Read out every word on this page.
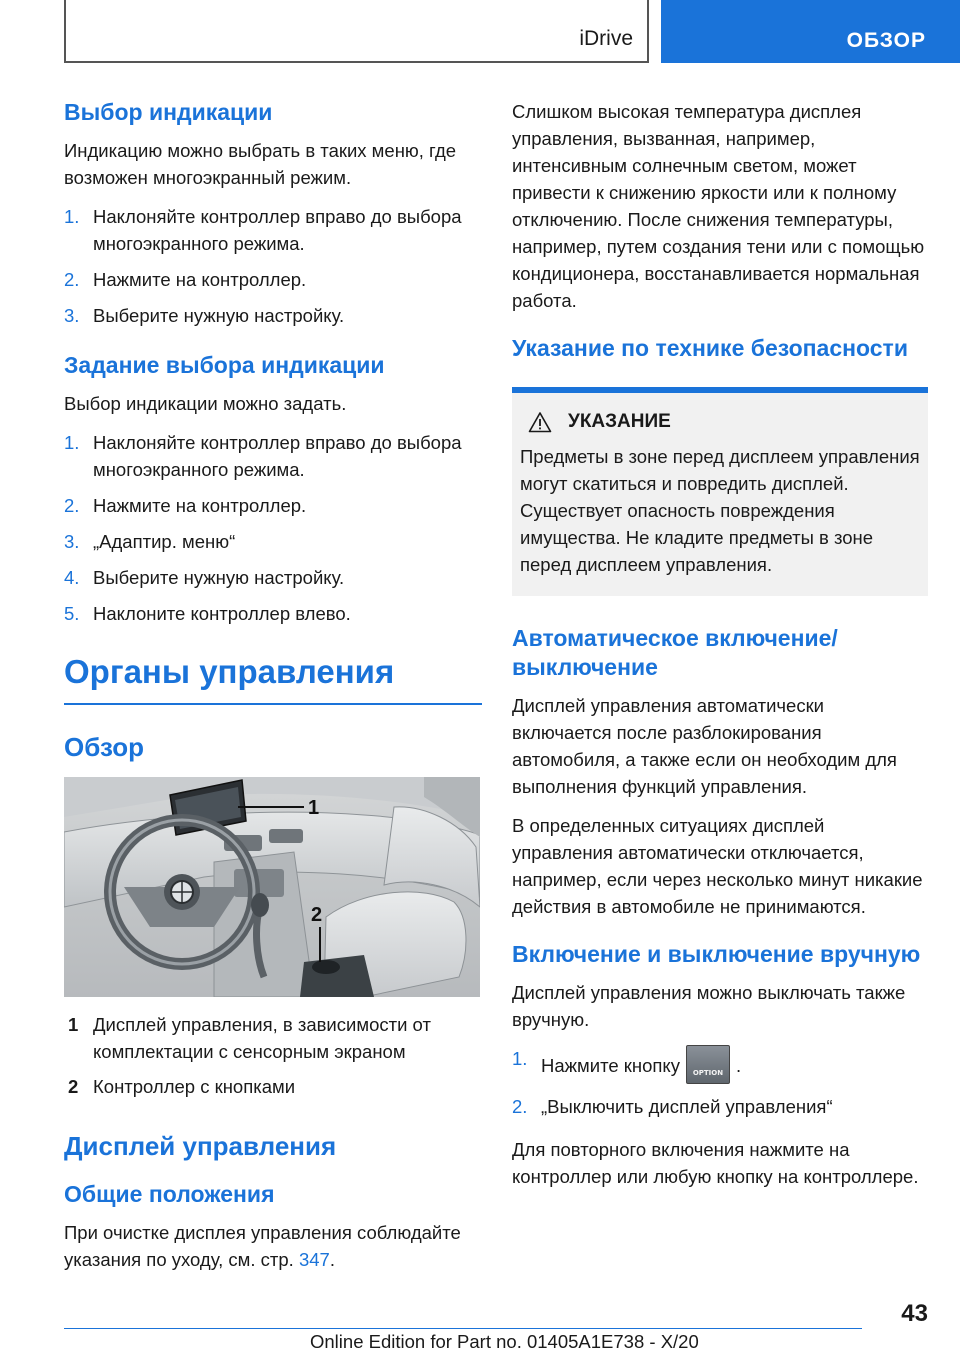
iDrive	ОБЗОР
Выбор индикации

Индикацию можно выбрать в таких меню, где возможен многоэкранный режим.

1. Наклоняйте контроллер вправо до выбора многоэкранного режима.
2. Нажмите на контроллер.
3. Выберите нужную настройку.
Задание выбора индикации

Выбор индикации можно задать.

1. Наклоняйте контроллер вправо до выбора многоэкранного режима.
2. Нажмите на контроллер.
3. „Адаптир. меню“
4. Выберите нужную настройку.
5. Наклоните контроллер влево.
Органы управления
Обзор
1
2
1 Дисплей управления, в зависимости от комплектации с сенсорным экраном
2 Контроллер с кнопками
Дисплей управления
Общие положения

При очистке дисплея управления соблюдайте указания по уходу, см. стр. 347.

Слишком высокая температура дисплея управления, вызванная, например, интенсивным солнечным светом, может привести к снижению яркости или к полному отключению. После снижения температуры, например, путем создания тени или с помощью кондиционера, восстанавливается нормальная работа.

Указание по технике безопасности
УКАЗАНИЕ

Предметы в зоне перед дисплеем управления могут скатиться и повредить дисплей. Существует опасность повреждения имущества. Не кладите предметы в зоне перед дисплеем управления.

Автоматическое включение/выключение

Дисплей управления автоматически включается после разблокирования автомобиля, а также если он необходим для выполнения функций управления.

В определенных ситуациях дисплей управления автоматически отключается, например, если через несколько минут никакие действия в автомобиле не принимаются.

Включение и выключение вручную

Дисплей управления можно выключать также вручную.

1. Нажмите кнопку	OPTION .
2. „Выключить дисплей управления“

Для повторного включения нажмите на контроллер или любую кнопку на контроллере.

43
Online Edition for Part no. 01405A1E738 - X/20
